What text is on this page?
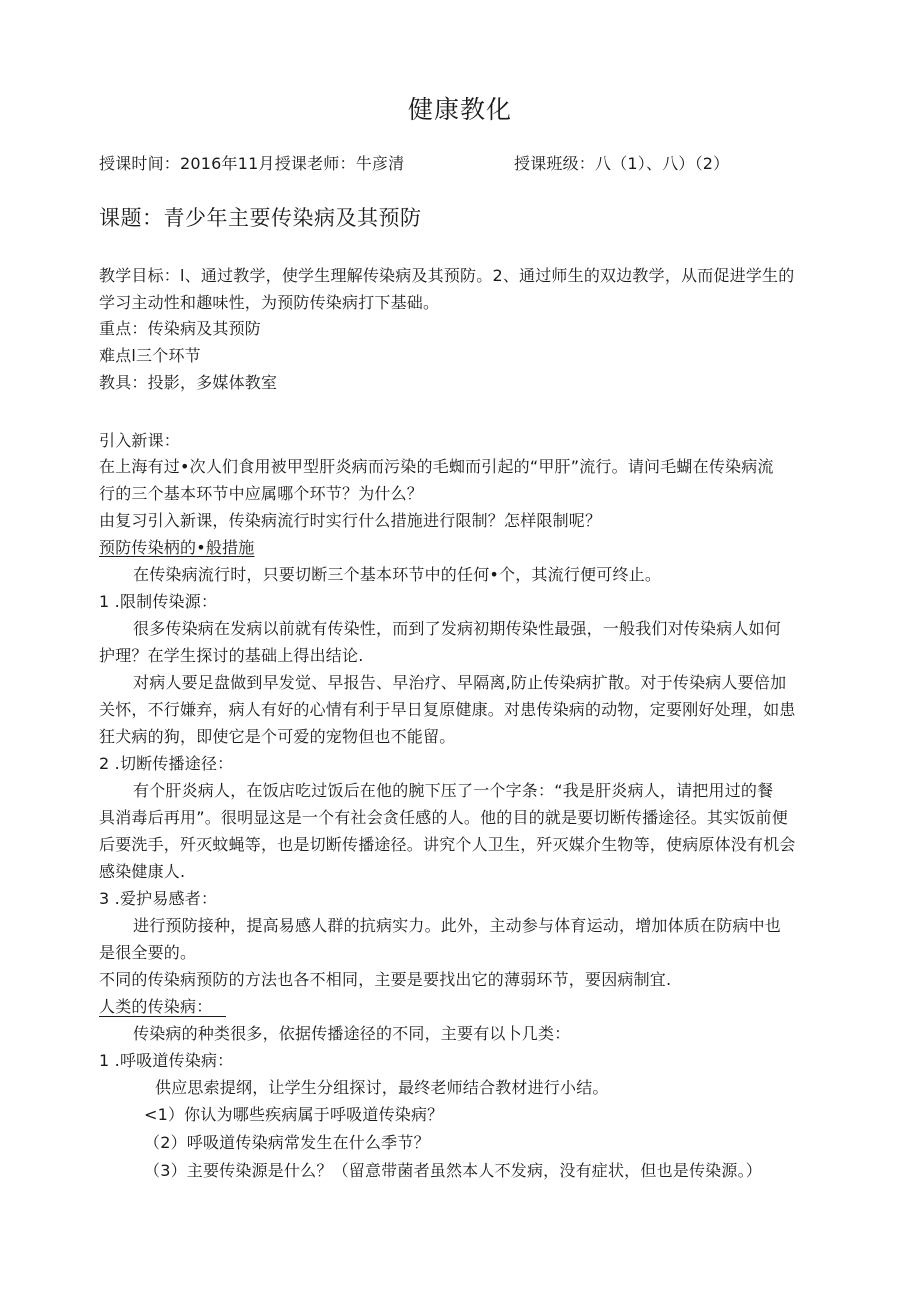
健康教化
授课时间：2016年11月授课老师：牛彦清	授课班级：八（1）、八）（2）
课题：青少年主要传染病及其预防
教学目标：l、通过教学，使学生理解传染病及其预防。2、通过师生的双边教学，从而促进学生的
学习主动性和趣味性，为预防传染病打下基础。
重点：传染病及其预防
难点l三个环节
教具：投影，多媒体教室
引入新课：
在上海有过•次人们食用被甲型肝炎病而污染的毛蜘而引起的“甲肝”流行。请问毛蝴在传染病流
行的三个基本环节中应属哪个环节？为什么？
由复习引入新课，传染病流行时实行什么措施进行限制？怎样限制呢？
预防传染柄的•般措施
在传染病流行时，只要切断三个基本环节中的任何•个，其流行便可终止。
1 .限制传染源：
很多传染病在发病以前就有传染性，而到了发病初期传染性最强，一般我们对传染病人如何
护理？在学生探讨的基础上得出结论.
对病人要足盘做到早发觉、早报告、早治疗、早隔离,防止传染病扩散。对于传染病人要倍加
关怀，不行嫌弃，病人有好的心情有利于早日复原健康。对患传染病的动物，定要刚好处理，如患
狂犬病的狗，即使它是个可爱的宠物但也不能留。
2 .切断传播途径：
有个肝炎病人，在饭店吃过饭后在他的腕下压了一个字条：“我是肝炎病人，请把用过的餐
具消毒后再用”。很明显这是一个有社会贪任感的人。他的目的就是要切断传播途径。其实饭前便
后要洗手，歼灭蚊蝇等，也是切断传播途径。讲究个人卫生，歼灭媒介生物等，使病原体没有机会
感染健康人.
3 .爱护易感者：
进行预防接种，提高易感人群的抗病实力。此外，主动参与体育运动，增加体质在防病中也
是很全要的。
不同的传染病预防的方法也各不相同，主要是要找出它的薄弱环节，要因病制宜.
人类的传染病：
传染病的种类很多，依据传播途径的不同，主要有以卜几类：
1 .呼吸道传染病：
供应思索提纲，让学生分组探讨，最终老师结合教材进行小结。
<1）你认为哪些疾病属于呼吸道传染病？
（2）呼吸道传染病常发生在什么季节？
（3）主要传染源是什么？（留意带菌者虽然本人不发病，没有症状，但也是传染源。）
